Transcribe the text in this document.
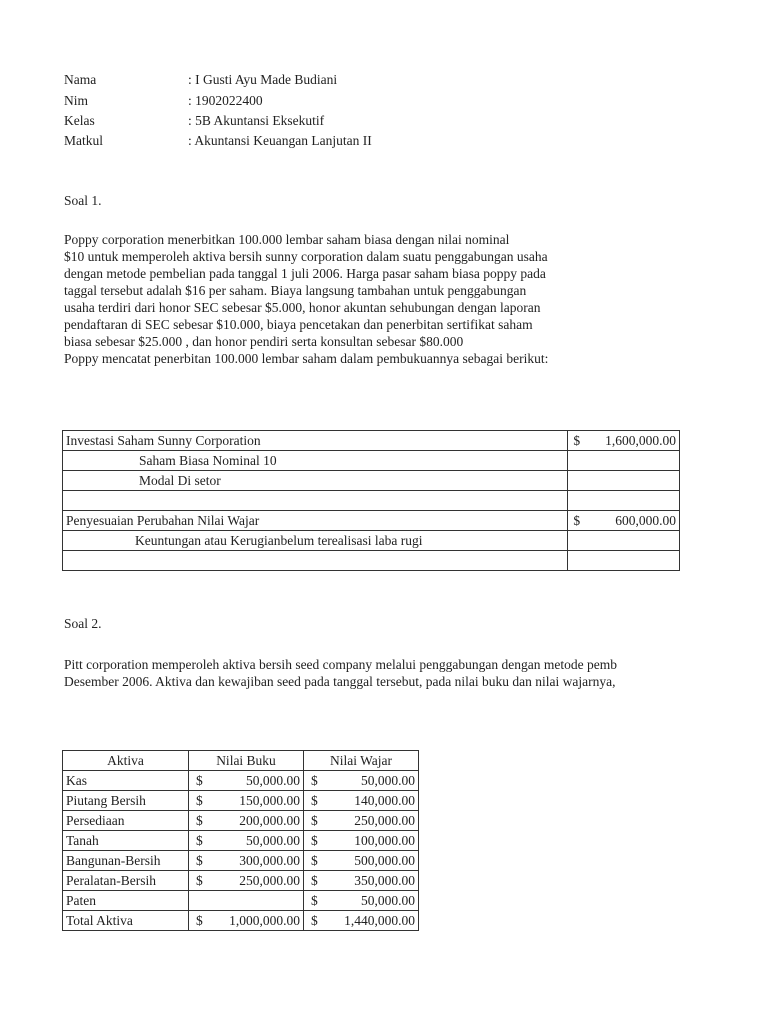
Nama	: I Gusti Ayu Made Budiani
Nim	: 1902022400
Kelas	: 5B Akuntansi Eksekutif
Matkul	: Akuntansi Keuangan Lanjutan II
Soal 1.
Poppy corporation menerbitkan 100.000 lembar saham biasa dengan nilai nominal
$10 untuk memperoleh aktiva bersih sunny corporation dalam suatu penggabungan usaha
dengan metode pembelian pada tanggal 1 juli 2006. Harga pasar saham biasa poppy pada
taggal tersebut adalah $16 per saham. Biaya langsung tambahan untuk penggabungan
usaha terdiri dari honor SEC sebesar $5.000, honor akuntan sehubungan dengan laporan
pendaftaran di SEC sebesar $10.000, biaya pencetakan dan penerbitan sertifikat saham
biasa sebesar $25.000 , dan honor pendiri serta konsultan sebesar $80.000
Poppy mencatat penerbitan 100.000 lembar saham dalam pembukuannya sebagai berikut:
Investasi Saham Sunny Corporation	$ 1,600,000.00

Saham Biasa Nominal 10	
Modal Di setor	

Penyesuaian Perubahan Nilai Wajar	$ 600,000.00

Keuntungan atau Kerugianbelum terealisasi laba rugi	

Soal 2.
Pitt corporation memperoleh aktiva bersih seed company melalui penggabungan dengan metode pemb
Desember 2006. Aktiva dan kewajiban seed pada tanggal tersebut, pada nilai buku dan nilai wajarnya,
Aktiva	Nilai Buku	Nilai Wajar
Kas	$ 50,000.00	$ 50,000.00

Piutang Bersih	$ 150,000.00	$ 140,000.00

Persediaan	$ 200,000.00	$ 250,000.00

Tanah	$ 50,000.00	$ 100,000.00

Bangunan-Bersih	$ 300,000.00	$ 500,000.00

Peralatan-Bersih	$ 250,000.00	$ 350,000.00

Paten		$ 50,000.00

Total Aktiva	$ 1,000,000.00	$ 1,440,000.00
